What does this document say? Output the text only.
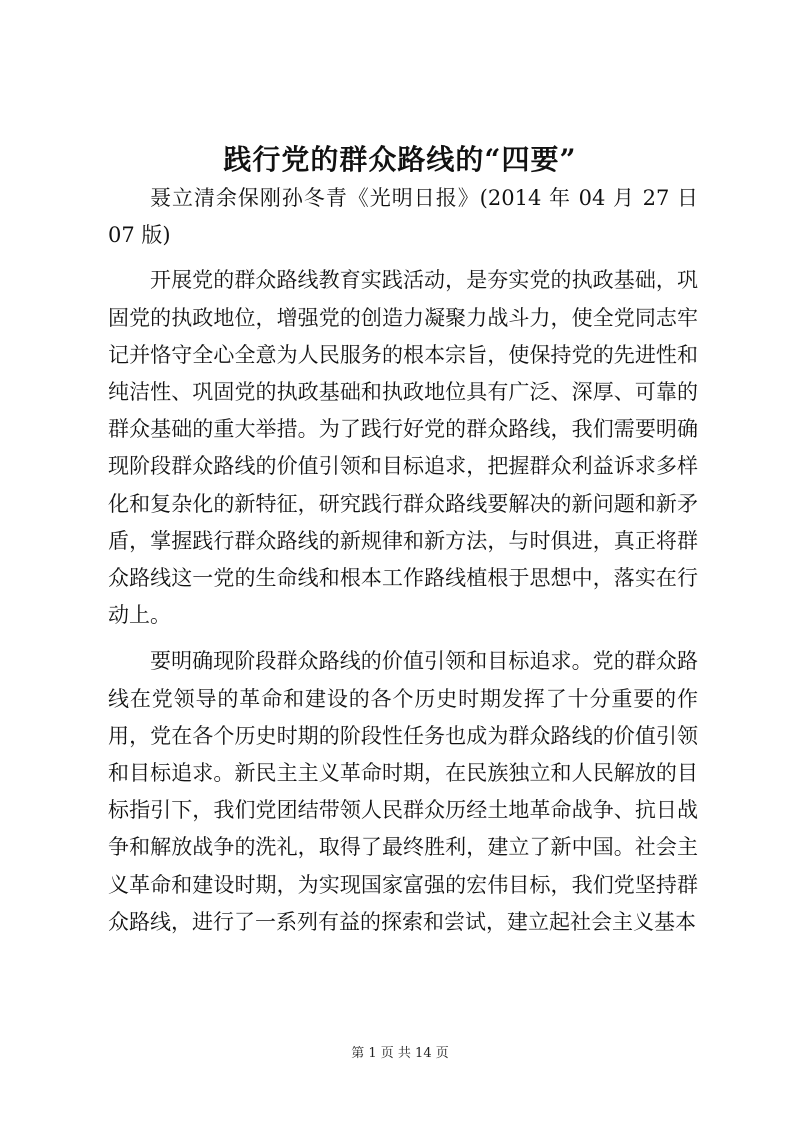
践行党的群众路线的“四要”

聂立清余保刚孙冬青《光明日报》(2014 年 04 月 27 日 07 版)

开展党的群众路线教育实践活动，是夯实党的执政基础，巩固党的执政地位，增强党的创造力凝聚力战斗力，使全党同志牢记并恪守全心全意为人民服务的根本宗旨，使保持党的先进性和纯洁性、巩固党的执政基础和执政地位具有广泛、深厚、可靠的群众基础的重大举措。为了践行好党的群众路线，我们需要明确现阶段群众路线的价值引领和目标追求，把握群众利益诉求多样化和复杂化的新特征，研究践行群众路线要解决的新问题和新矛盾，掌握践行群众路线的新规律和新方法，与时俱进，真正将群众路线这一党的生命线和根本工作路线植根于思想中，落实在行动上。

要明确现阶段群众路线的价值引领和目标追求。党的群众路线在党领导的革命和建设的各个历史时期发挥了十分重要的作用，党在各个历史时期的阶段性任务也成为群众路线的价值引领和目标追求。新民主主义革命时期，在民族独立和人民解放的目标指引下，我们党团结带领人民群众历经土地革命战争、抗日战争和解放战争的洗礼，取得了最终胜利，建立了新中国。社会主义革命和建设时期，为实现国家富强的宏伟目标，我们党坚持群众路线，进行了一系列有益的探索和尝试，建立起社会主义基本

第 1 页 共 14 页
